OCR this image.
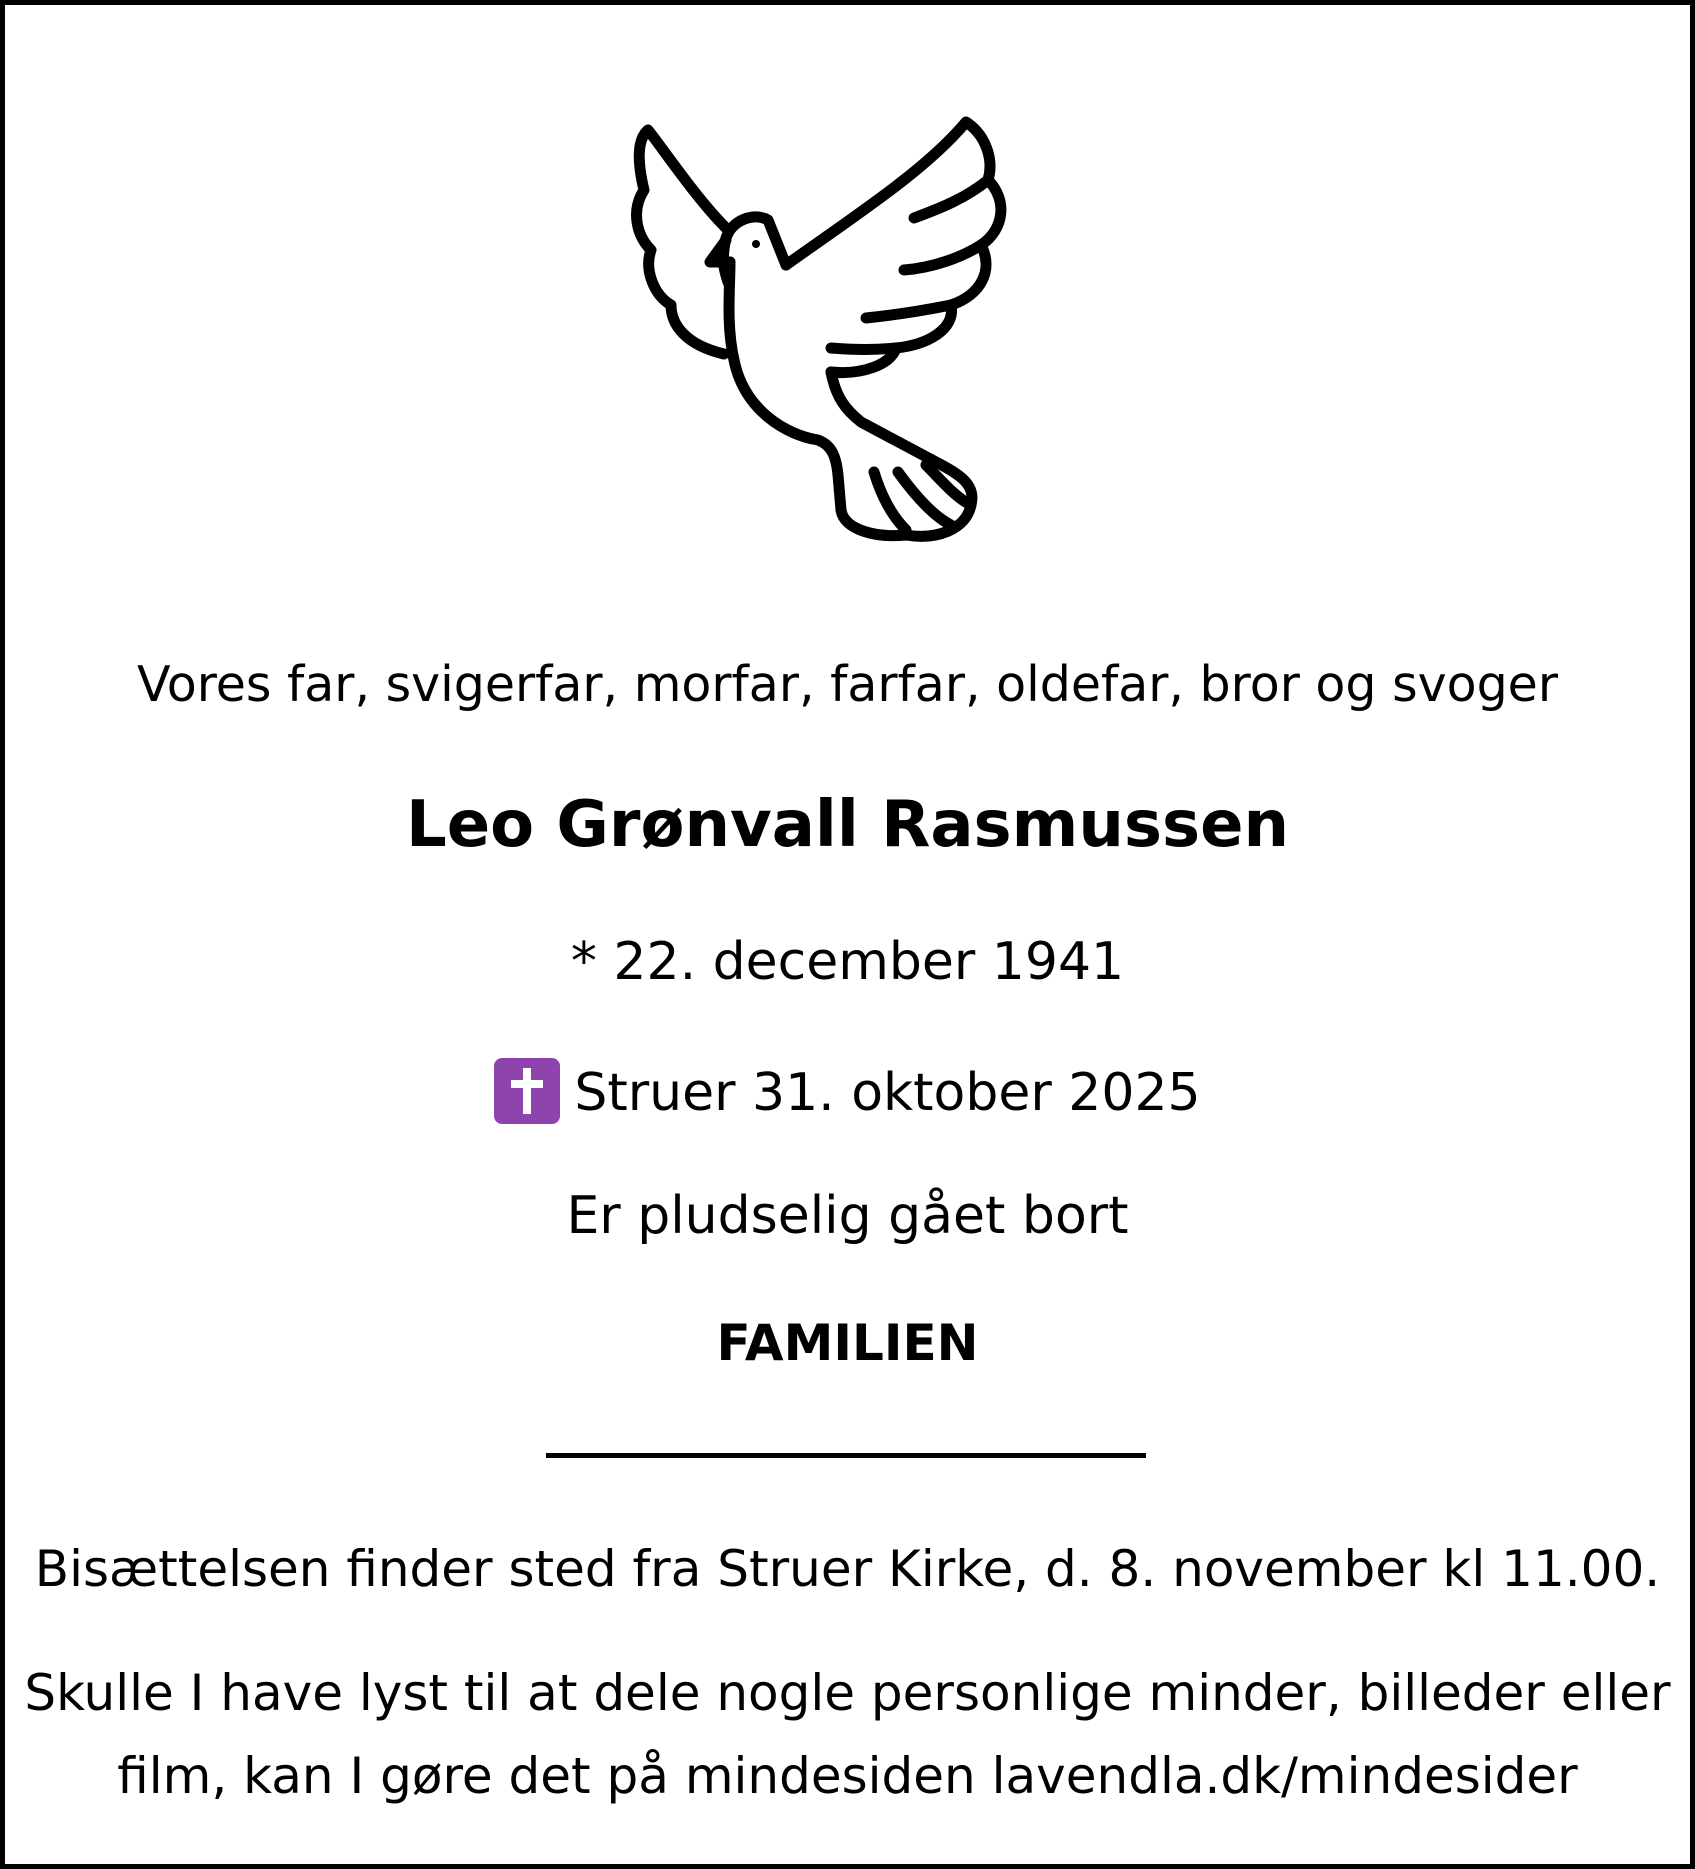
Vores far, svigerfar, morfar, farfar, oldefar, bror og svoger
Leo Grønvall Rasmussen
* 22. december 1941
Struer 31. oktober 2025
Er pludselig gået bort
FAMILIEN
Bisættelsen finder sted fra Struer Kirke, d. 8. november kl 11.00.
Skulle I have lyst til at dele nogle personlige minder, billeder eller
film, kan I gøre det på mindesiden lavendla.dk/mindesider
